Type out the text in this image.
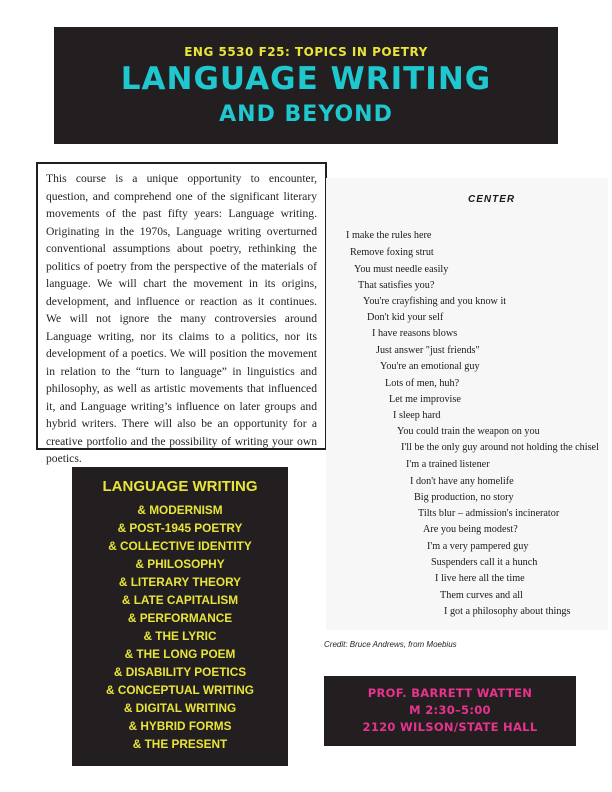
ENG 5530 F25: TOPICS IN POETRY
LANGUAGE WRITING
AND BEYOND
This course is a unique opportunity to encounter, question, and comprehend one of the significant literary movements of the past fifty years: Language writing. Originating in the 1970s, Language writing overturned conventional assumptions about poetry, rethinking the politics of poetry from the perspective of the materials of language. We will chart the movement in its origins, development, and influence or reaction as it continues. We will not ignore the many controversies around Language writing, nor its claims to a politics, nor its development of a poetics. We will position the movement in relation to the “turn to language” in linguistics and philosophy, as well as artistic movements that influenced it, and Language writing’s influence on later groups and hybrid writers. There will also be an opportunity for a creative portfolio and the possibility of writing your own poetics.
LANGUAGE WRITING
& MODERNISM
& POST-1945 POETRY
& COLLECTIVE IDENTITY
& PHILOSOPHY
& LITERARY THEORY
& LATE CAPITALISM
& PERFORMANCE
& THE LYRIC
& THE LONG POEM
& DISABILITY POETICS
& CONCEPTUAL WRITING
& DIGITAL WRITING
& HYBRID FORMS
& THE PRESENT
CENTER
I make the rules here
Remove foxing strut
You must needle easily
That satisfies you?
You're crayfishing and you know it
Don't kid your self
I have reasons blows
Just answer "just friends"
You're an emotional guy
Lots of men, huh?
Let me improvise
I sleep hard
You could train the weapon on you
I'll be the only guy around not holding the chisel
I'm a trained listener
I don't have any homelife
Big production, no story
Tilts blur – admission's incinerator
Are you being modest?
I'm a very pampered guy
Suspenders call it a hunch
I live here all the time
Them curves and all
I got a philosophy about things
Credit: Bruce Andrews, from Moebius
PROF. BARRETT WATTEN
M 2:30–5:00
2120 WILSON/STATE HALL
